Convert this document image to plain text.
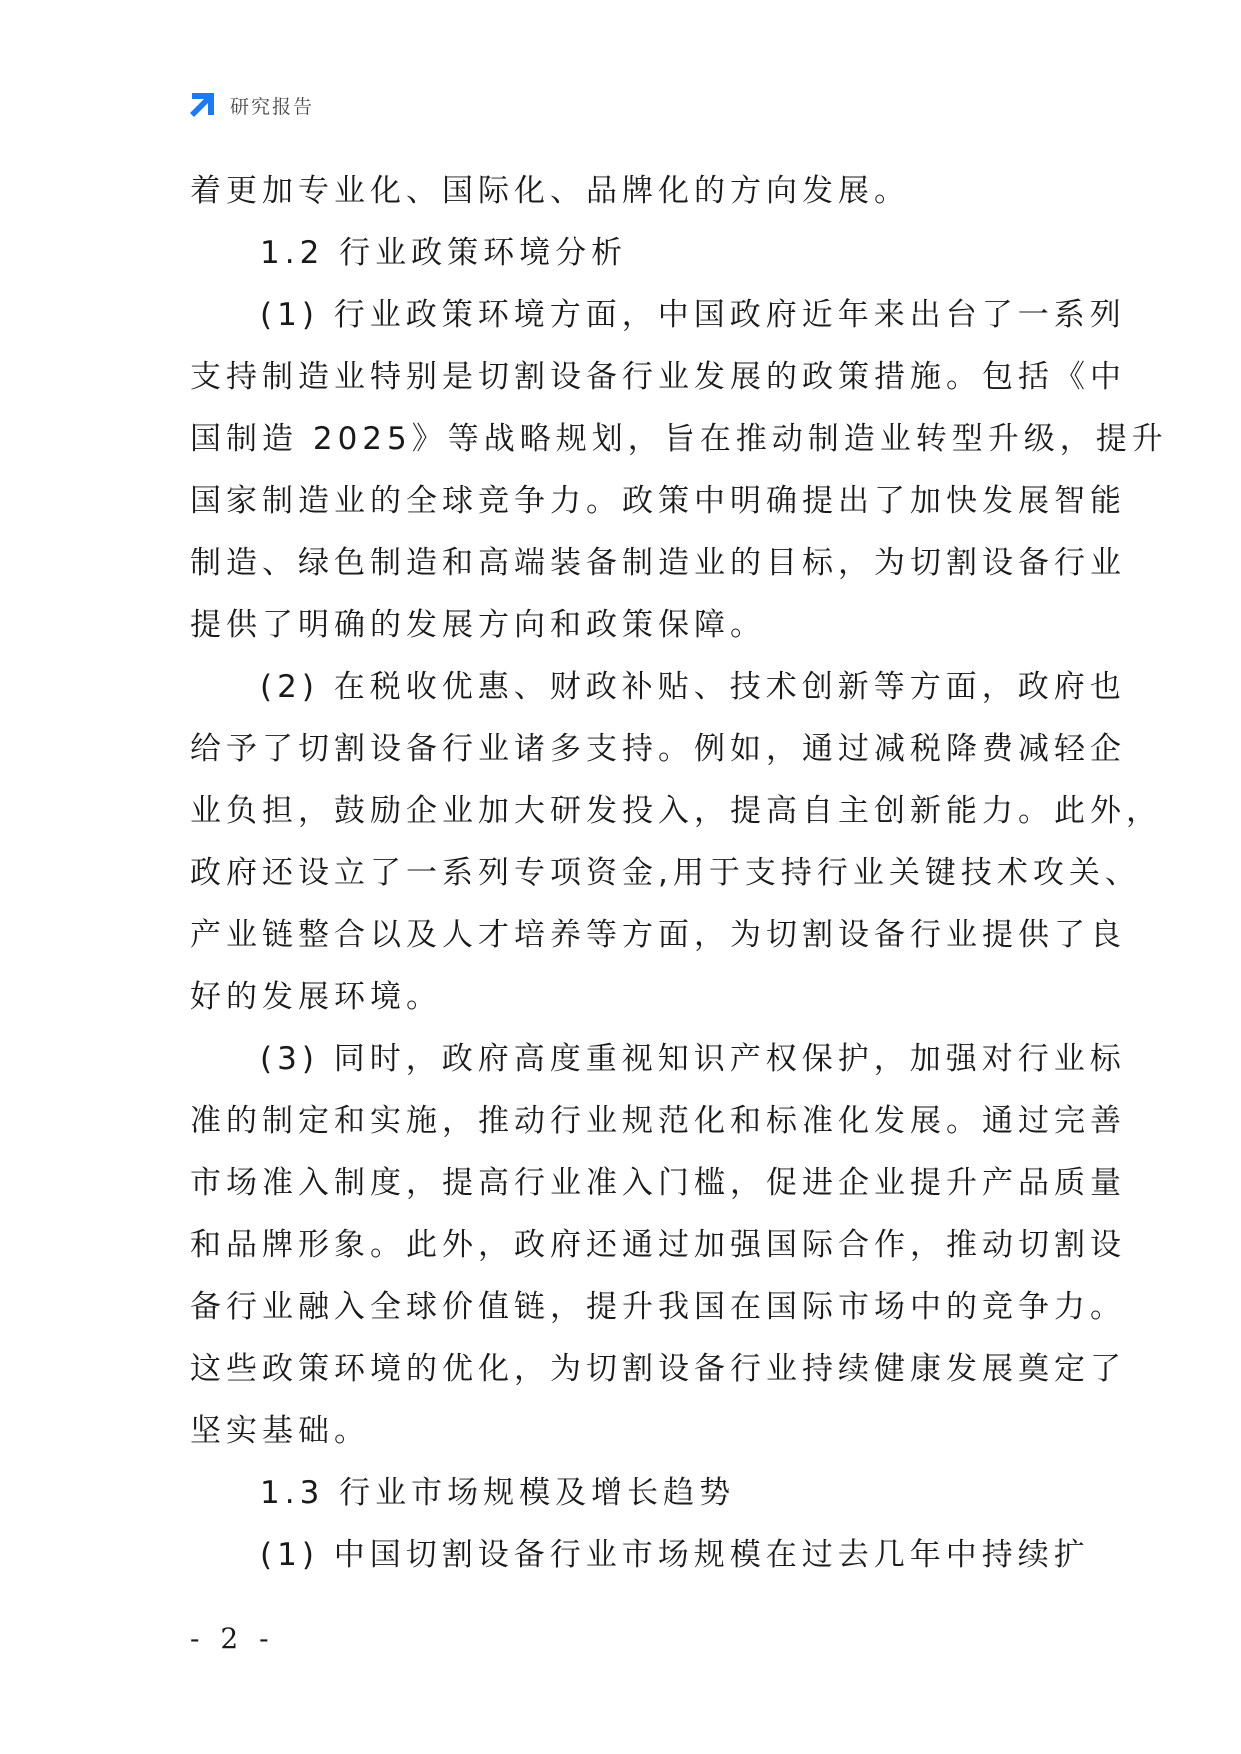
研究报告
着更加专业化、国际化、品牌化的方向发展。
1.2 行业政策环境分析
(1) 行业政策环境方面，中国政府近年来出台了一系列
支持制造业特别是切割设备行业发展的政策措施。包括《中
国制造 2025》等战略规划，旨在推动制造业转型升级，提升
国家制造业的全球竞争力。政策中明确提出了加快发展智能
制造、绿色制造和高端装备制造业的目标，为切割设备行业
提供了明确的发展方向和政策保障。
(2) 在税收优惠、财政补贴、技术创新等方面，政府也
给予了切割设备行业诸多支持。例如，通过减税降费减轻企
业负担，鼓励企业加大研发投入，提高自主创新能力。此外，
政府还设立了一系列专项资金,用于支持行业关键技术攻关、
产业链整合以及人才培养等方面，为切割设备行业提供了良
好的发展环境。
(3) 同时，政府高度重视知识产权保护，加强对行业标
准的制定和实施，推动行业规范化和标准化发展。通过完善
市场准入制度，提高行业准入门槛，促进企业提升产品质量
和品牌形象。此外，政府还通过加强国际合作，推动切割设
备行业融入全球价值链，提升我国在国际市场中的竞争力。
这些政策环境的优化，为切割设备行业持续健康发展奠定了
坚实基础。
1.3 行业市场规模及增长趋势
(1) 中国切割设备行业市场规模在过去几年中持续扩
- 2 -
